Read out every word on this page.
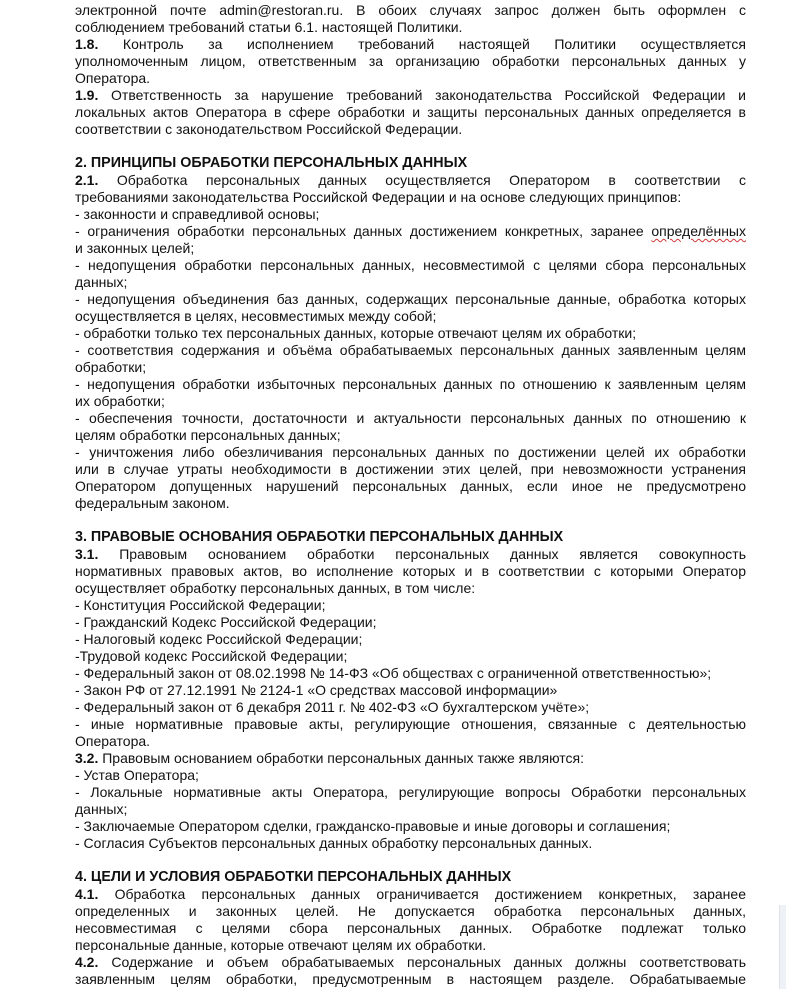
электронной почте admin@restoran.ru. В обоих случаях запрос должен быть оформлен с
соблюдением требований статьи 6.1. настоящей Политики.
1.8. Контроль за исполнением требований настоящей Политики осуществляется
уполномоченным лицом, ответственным за организацию обработки персональных данных у
Оператора.
1.9. Ответственность за нарушение требований законодательства Российской Федерации и
локальных актов Оператора в сфере обработки и защиты персональных данных определяется в
соответствии с законодательством Российской Федерации.
2. ПРИНЦИПЫ ОБРАБОТКИ ПЕРСОНАЛЬНЫХ ДАННЫХ
2.1. Обработка персональных данных осуществляется Оператором в соответствии с
требованиями законодательства Российской Федерации и на основе следующих принципов:
- законности и справедливой основы;
- ограничения обработки персональных данных достижением конкретных, заранее определённых
и законных целей;
- недопущения обработки персональных данных, несовместимой с целями сбора персональных
данных;
- недопущения объединения баз данных, содержащих персональные данные, обработка которых
осуществляется в целях, несовместимых между собой;
- обработки только тех персональных данных, которые отвечают целям их обработки;
- соответствия содержания и объёма обрабатываемых персональных данных заявленным целям
обработки;
- недопущения обработки избыточных персональных данных по отношению к заявленным целям
их обработки;
- обеспечения точности, достаточности и актуальности персональных данных по отношению к
целям обработки персональных данных;
- уничтожения либо обезличивания персональных данных по достижении целей их обработки
или в случае утраты необходимости в достижении этих целей, при невозможности устранения
Оператором допущенных нарушений персональных данных, если иное не предусмотрено
федеральным законом.
3. ПРАВОВЫЕ ОСНОВАНИЯ ОБРАБОТКИ ПЕРСОНАЛЬНЫХ ДАННЫХ
3.1. Правовым основанием обработки персональных данных является совокупность
нормативных правовых актов, во исполнение которых и в соответствии с которыми Оператор
осуществляет обработку персональных данных, в том числе:
- Конституция Российской Федерации;
- Гражданский Кодекс Российской Федерации;
- Налоговый кодекс Российской Федерации;
-Трудовой кодекс Российской Федерации;
- Федеральный закон от 08.02.1998 № 14-ФЗ «Об обществах с ограниченной ответственностью»;
- Закон РФ от 27.12.1991 № 2124-1 «О средствах массовой информации»
- Федеральный закон от 6 декабря 2011 г. № 402-ФЗ «О бухгалтерском учёте»;
- иные нормативные правовые акты, регулирующие отношения, связанные с деятельностью
Оператора.
3.2. Правовым основанием обработки персональных данных также являются:
- Устав Оператора;
- Локальные нормативные акты Оператора, регулирующие вопросы Обработки персональных
данных;
- Заключаемые Оператором сделки, гражданско-правовые и иные договоры и соглашения;
- Согласия Субъектов персональных данных обработку персональных данных.
4. ЦЕЛИ И УСЛОВИЯ ОБРАБОТКИ ПЕРСОНАЛЬНЫХ ДАННЫХ
4.1. Обработка персональных данных ограничивается достижением конкретных, заранее
определенных и законных целей. Не допускается обработка персональных данных,
несовместимая с целями сбора персональных данных. Обработке подлежат только
персональные данные, которые отвечают целям их обработки.
4.2. Содержание и объем обрабатываемых персональных данных должны соответствовать
заявленным целям обработки, предусмотренным в настоящем разделе. Обрабатываемые
